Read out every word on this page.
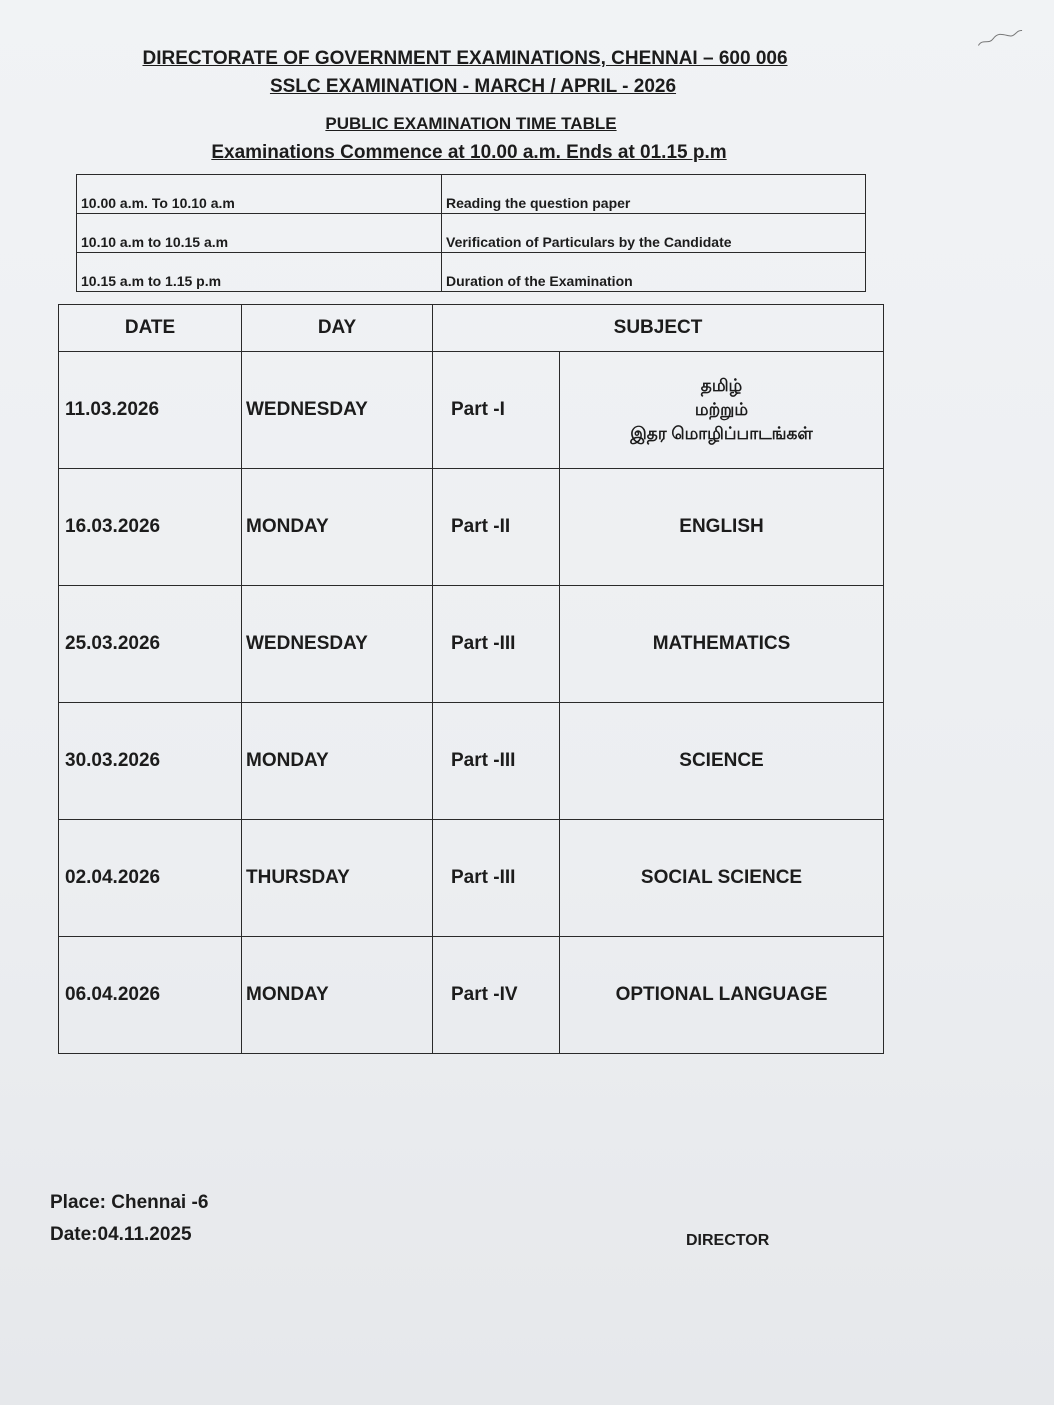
DIRECTORATE OF GOVERNMENT EXAMINATIONS, CHENNAI – 600 006
SSLC EXAMINATION - MARCH / APRIL - 2026
PUBLIC EXAMINATION TIME TABLE
Examinations Commence at 10.00 a.m. Ends at 01.15 p.m
10.00 a.m. To 10.10 a.m	Reading the question paper
10.10 a.m to 10.15 a.m	Verification of Particulars by the Candidate
10.15 a.m to 1.15 p.m	Duration of the Examination
DATE	DAY	SUBJECT	
11.03.2026	WEDNESDAY	Part -I	தமிழ்
மற்றும்
இதர மொழிப்பாடங்கள்

16.03.2026	MONDAY	Part -II	ENGLISH
25.03.2026	WEDNESDAY	Part -III	MATHEMATICS
30.03.2026	MONDAY	Part -III	SCIENCE
02.04.2026	THURSDAY	Part -III	SOCIAL SCIENCE
06.04.2026	MONDAY	Part -IV	OPTIONAL LANGUAGE
Place: Chennai -6
Date:04.11.2025	DIRECTOR
